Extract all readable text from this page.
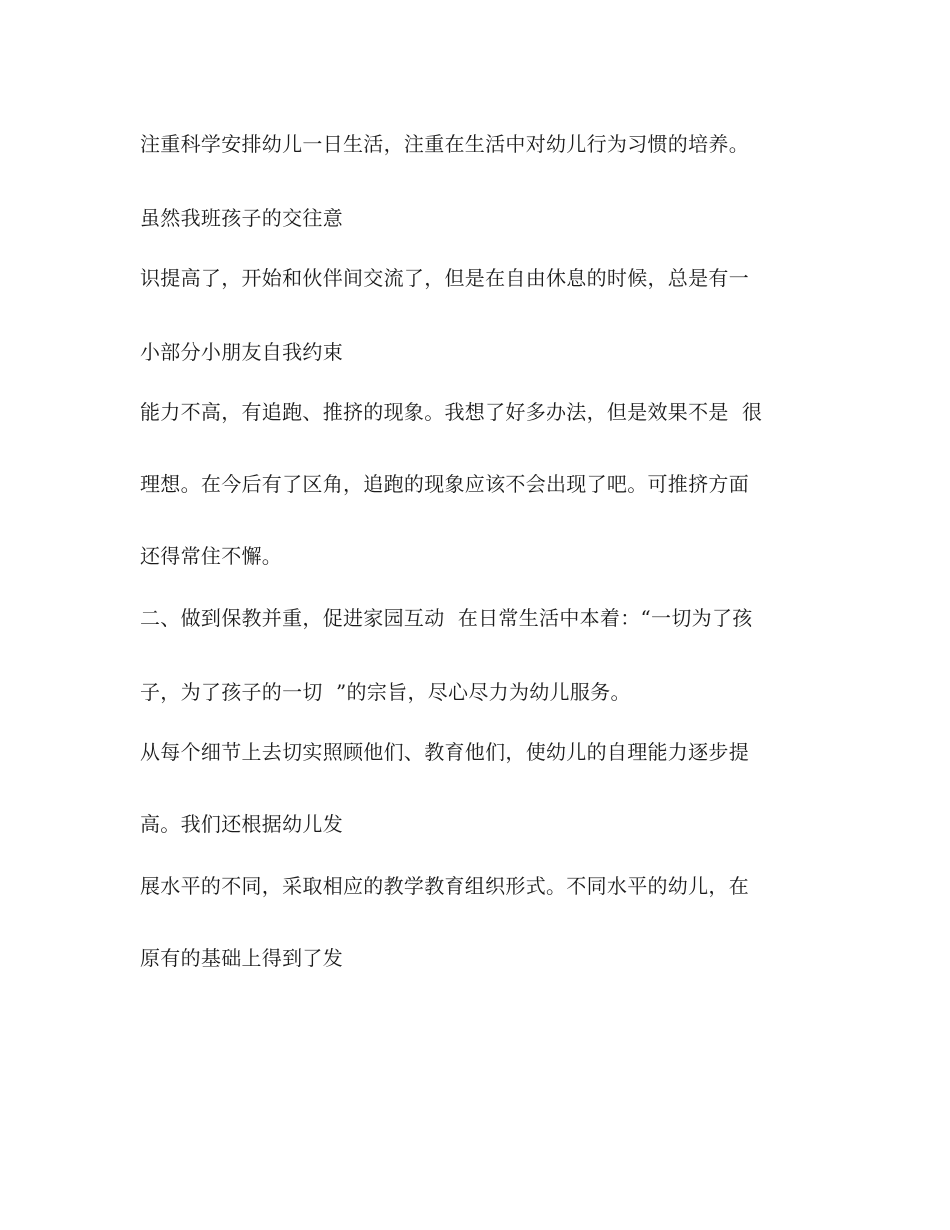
注重科学安排幼儿一日生活，注重在生活中对幼儿行为习惯的培养。

虽然我班孩子的交往意

识提高了，开始和伙伴间交流了，但是在自由休息的时候，总是有一

小部分小朋友自我约束

能力不高，有追跑、推挤的现象。我想了好多办法，但是效果不是  很

理想。在今后有了区角，追跑的现象应该不会出现了吧。可推挤方面

还得常住不懈。

二、做到保教并重，促进家园互动  在日常生活中本着：“一切为了孩

子，为了孩子的一切  ”的宗旨，尽心尽力为幼儿服务。

从每个细节上去切实照顾他们、教育他们，使幼儿的自理能力逐步提

高。我们还根据幼儿发

展水平的不同，采取相应的教学教育组织形式。不同水平的幼儿，在

原有的基础上得到了发
